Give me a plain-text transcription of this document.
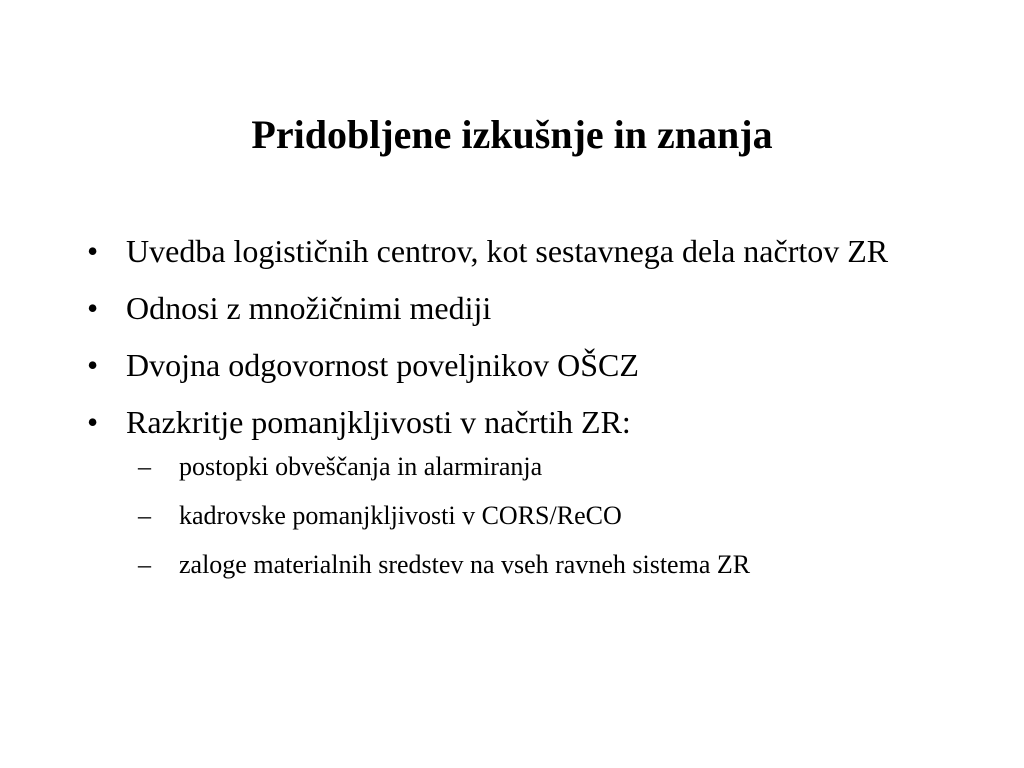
Pridobljene izkušnje in znanja
• Uvedba logističnih centrov, kot sestavnega dela načrtov ZR
• Odnosi z množičnimi mediji
• Dvojna odgovornost poveljnikov OŠCZ
• Razkritje pomanjkljivosti v načrtih ZR:
– postopki obveščanja in alarmiranja
– kadrovske pomanjkljivosti v CORS/ReCO
– zaloge materialnih sredstev na vseh ravneh sistema ZR
